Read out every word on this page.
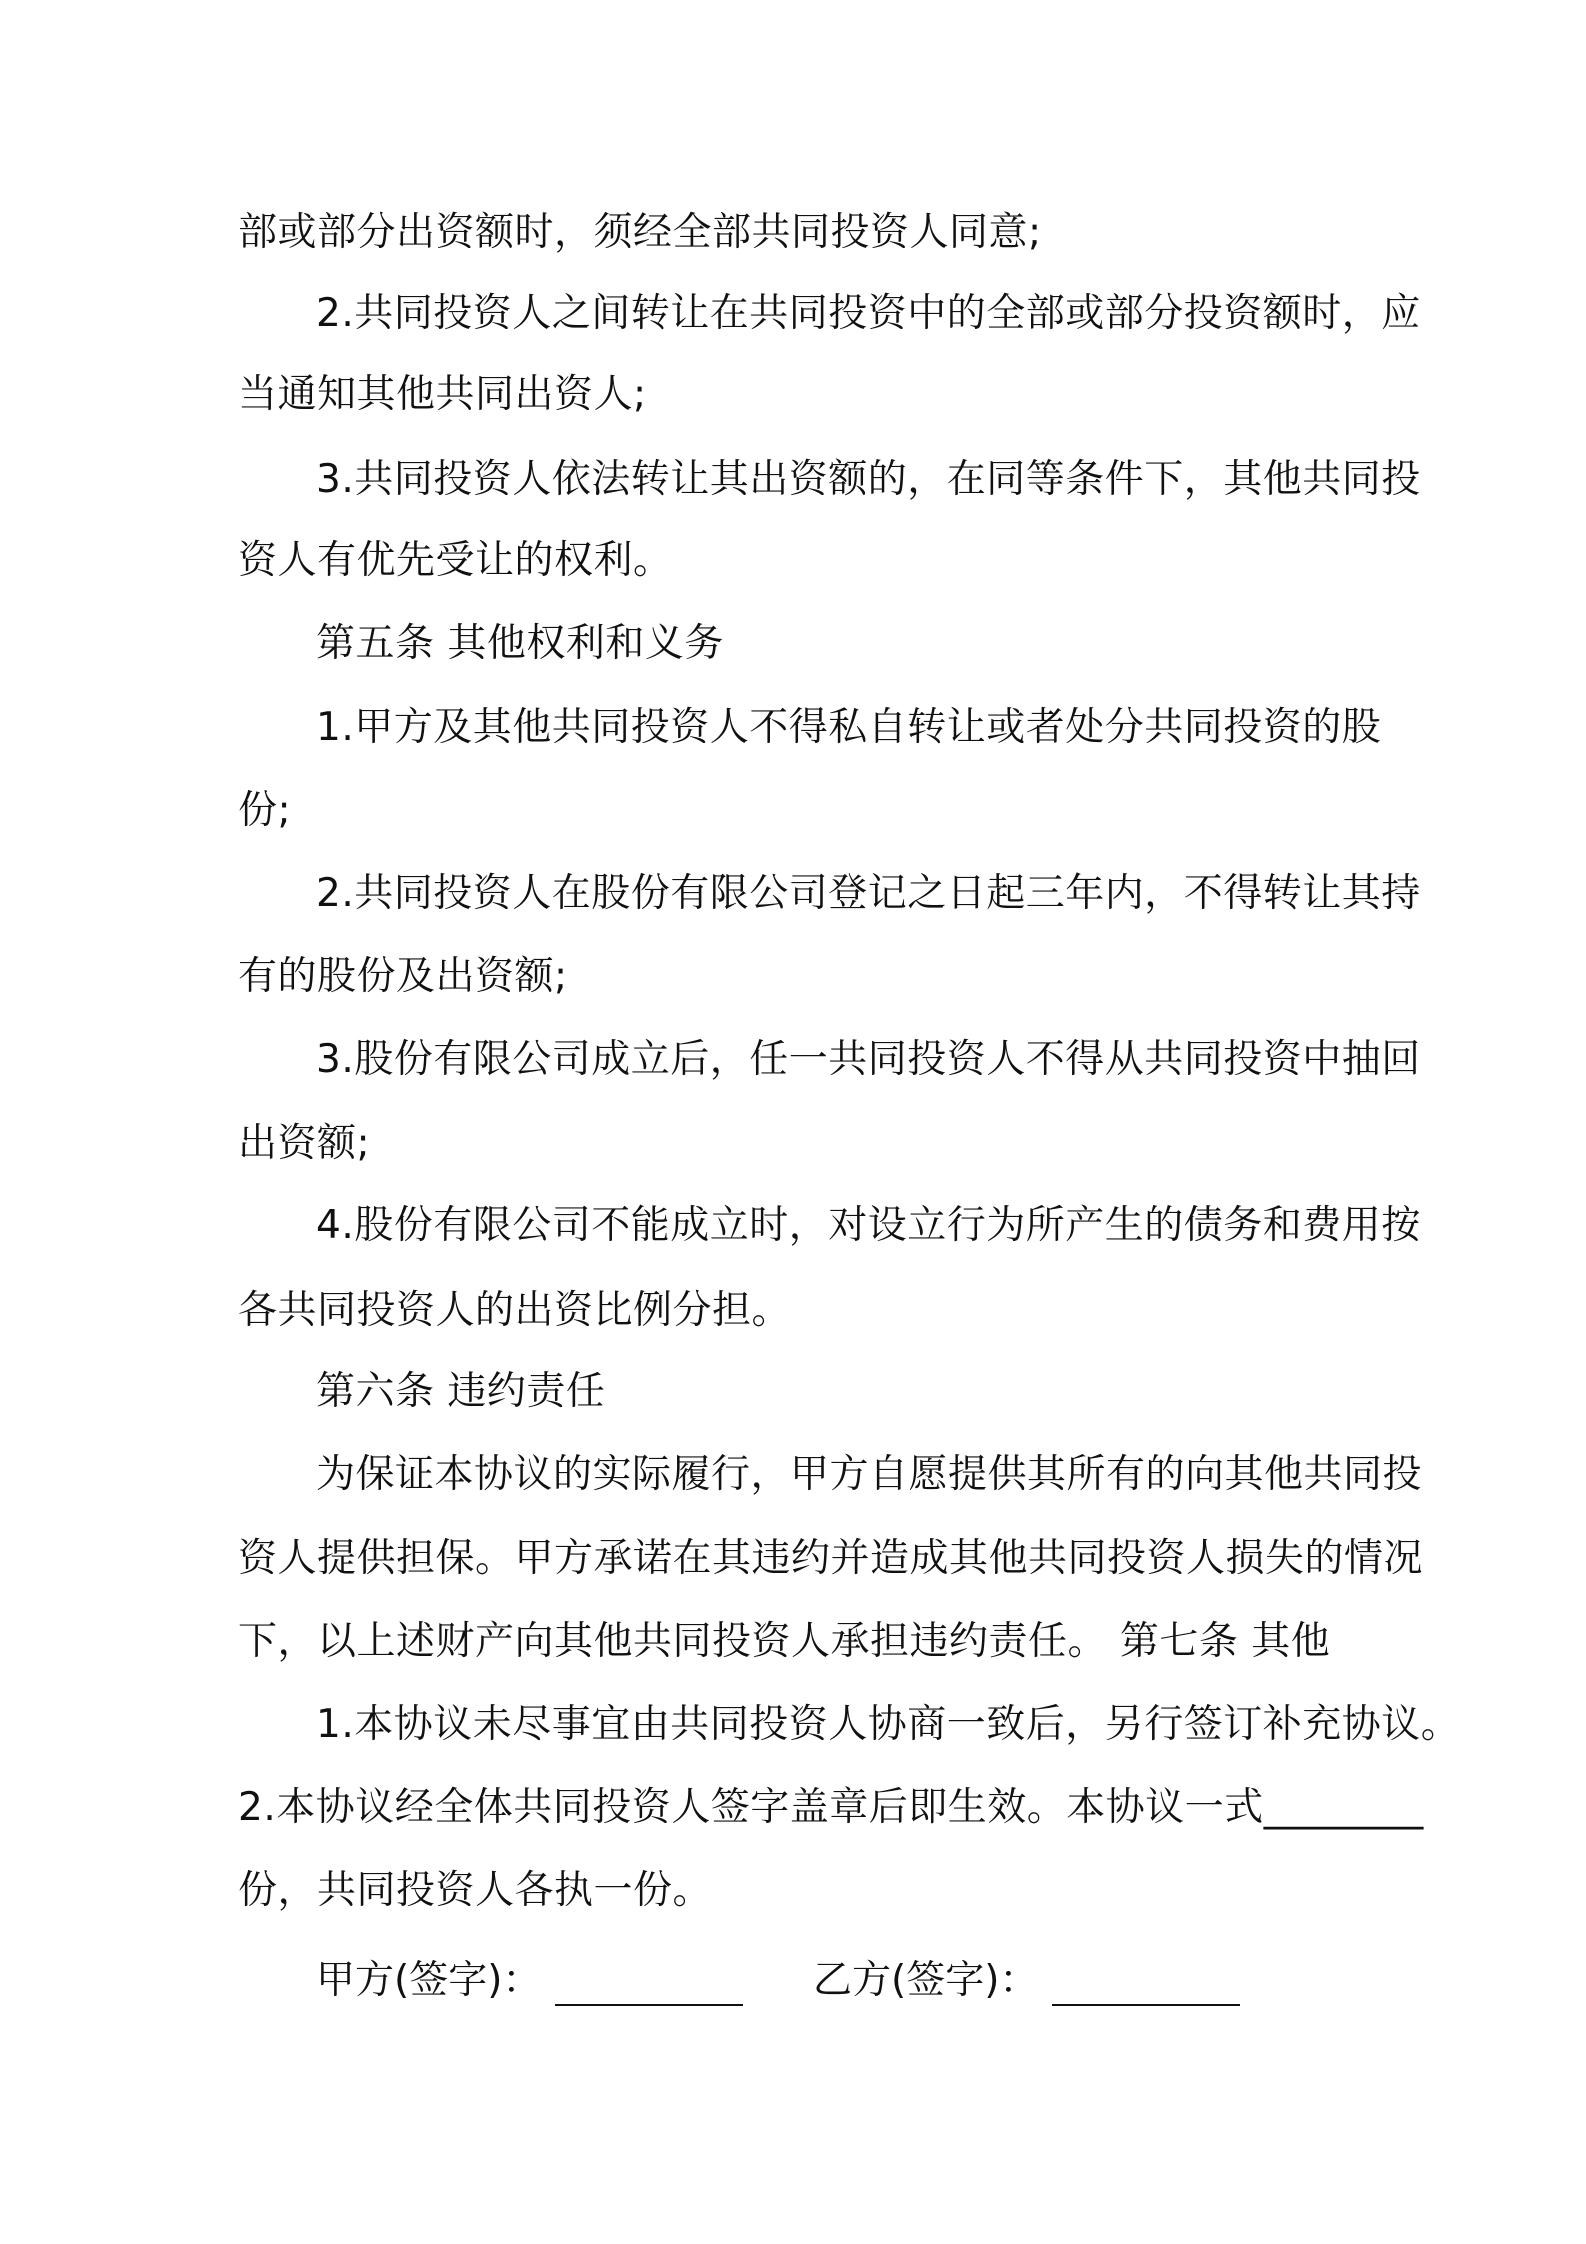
部或部分出资额时，须经全部共同投资人同意;
2.共同投资人之间转让在共同投资中的全部或部分投资额时，应
当通知其他共同出资人;
3.共同投资人依法转让其出资额的，在同等条件下，其他共同投
资人有优先受让的权利。
第五条 其他权利和义务
1.甲方及其他共同投资人不得私自转让或者处分共同投资的股
份;
2.共同投资人在股份有限公司登记之日起三年内，不得转让其持
有的股份及出资额;
3.股份有限公司成立后，任一共同投资人不得从共同投资中抽回
出资额;
4.股份有限公司不能成立时，对设立行为所产生的债务和费用按
各共同投资人的出资比例分担。
第六条 违约责任
为保证本协议的实际履行，甲方自愿提供其所有的向其他共同投
资人提供担保。甲方承诺在其违约并造成其他共同投资人损失的情况
下，以上述财产向其他共同投资人承担违约责任。 第七条 其他
1.本协议未尽事宜由共同投资人协商一致后，另行签订补充协议。
2.本协议经全体共同投资人签字盖章后即生效。本协议一式________
份，共同投资人各执一份。
甲方(签字)：	乙方(签字)：
